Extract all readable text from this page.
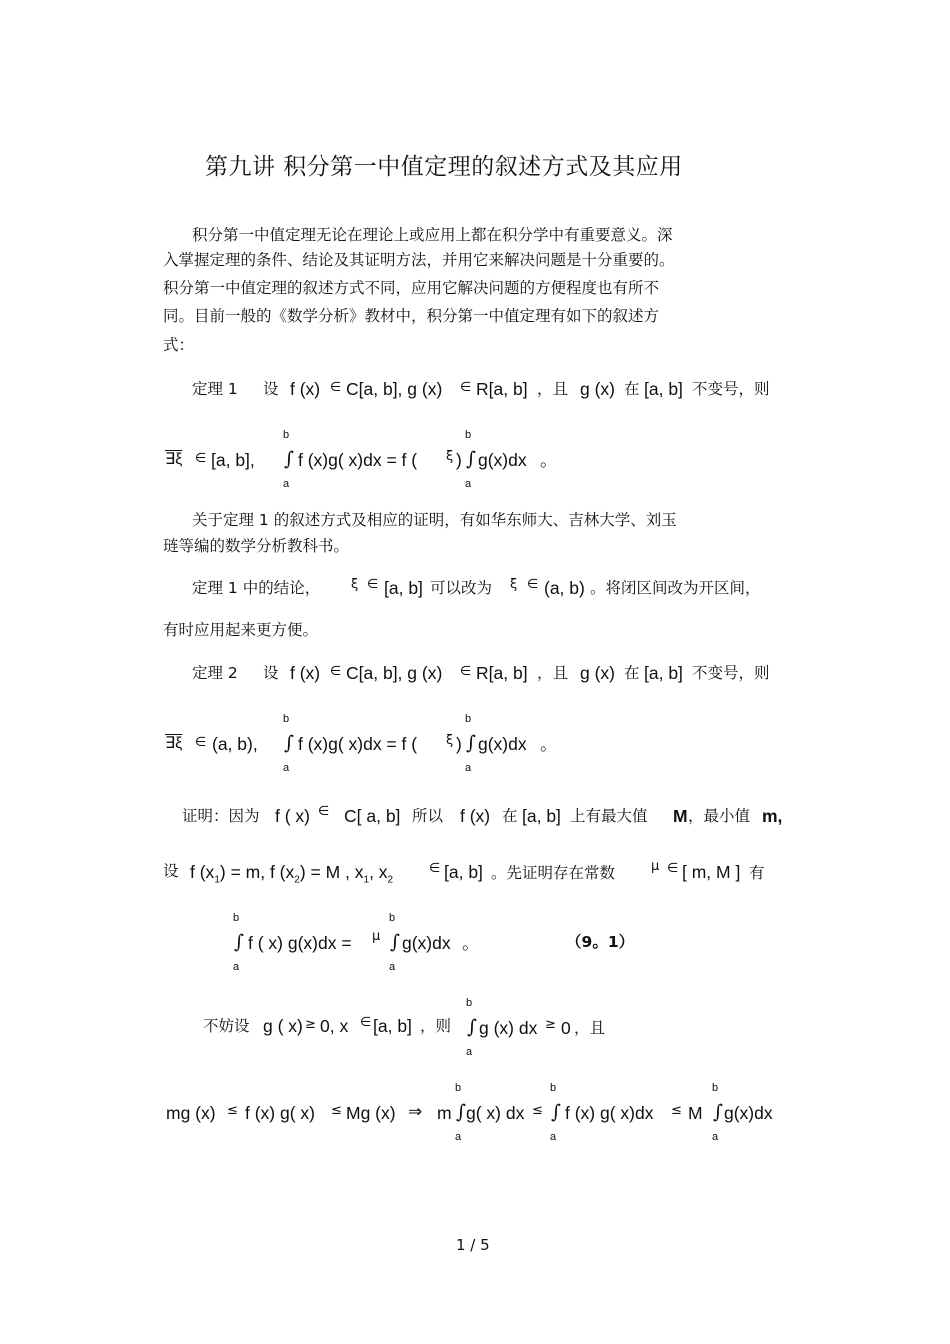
第九讲 积分第一中值定理的叙述方式及其应用
积分第一中值定理无论在理论上或应用上都在积分学中有重要意义。深
入掌握定理的条件、结论及其证明方法，并用它来解决问题是十分重要的。
积分第一中值定理的叙述方式不同，应用它解决问题的方便程度也有所不
同。目前一般的《数学分析》教材中，积分第一中值定理有如下的叙述方
式：
定理 1 设 f (x) ∈ C[a, b], g (x) ∈ R[a, b] ，且 g (x) 在 [a, b] 不变号，则
∃ξ ∈ [a, b],
b
∫
a
f (x)g( x)dx = f ( ξ )
b
∫
a
g(x)dx 。
关于定理 1 的叙述方式及相应的证明，有如华东师大、吉林大学、刘玉
琏等编的数学分析教科书。
定理 1 中的结论， ξ ∈ [a, b] 可以改为 ξ ∈ (a, b) 。将闭区间改为开区间，
有时应用起来更方便。
定理 2 设 f (x) ∈ C[a, b], g (x) ∈ R[a, b] ，且 g (x) 在 [a, b] 不变号，则
∃ξ ∈ (a, b),
b
∫
a
f (x)g( x)dx = f ( ξ )
b
∫
a
g(x)dx 。
证明：因为 f ( x) ∈ C[ a, b] 所以 f (x) 在 [a, b] 上有最大值 M ，最小值 m,
设 f $(x_1) = m$, f $(x_2) = M$ , $x_1$, $x_2$
∈ [a, b] 。先证明存在常数	μ ∈ [ m, M ] 有
b
∫
a
f ( x) g(x)dx = μ
b
∫
a
g(x)dx 。	（9。1）
不妨设 g ( x) ≥ 0, x ∈ [a, b] ，则
b
∫
a
g (x) dx ≥ 0 ，且
mg (x) ≤ f (x) g( x) ≤ Mg (x) ⇒ m
b
∫
a
g( x) dx ≤
b
∫
a
f (x) g( x)dx ≤ M
b
∫
a
g(x)dx
1 / 5
